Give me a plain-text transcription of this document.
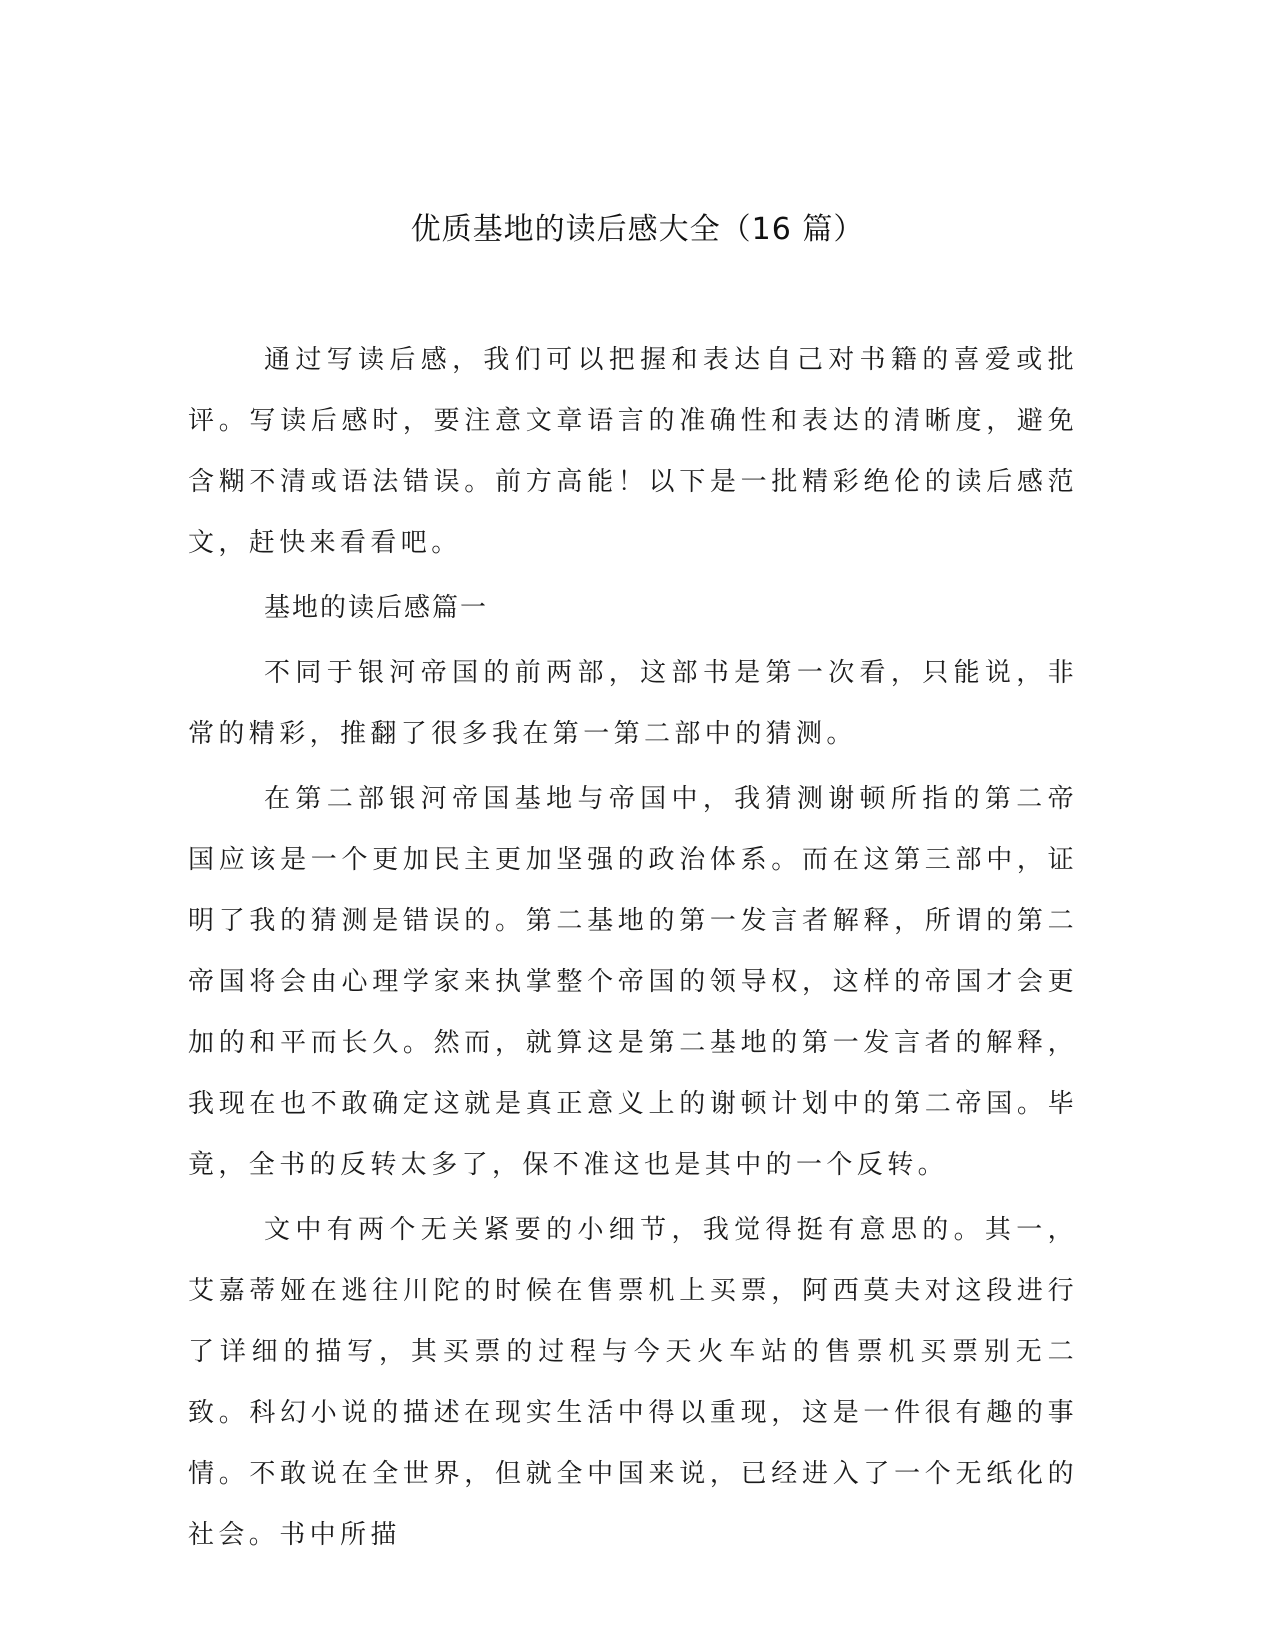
优质基地的读后感大全（16 篇）

通过写读后感，我们可以把握和表达自己对书籍的喜爱或批评。写读后感时，要注意文章语言的准确性和表达的清晰度，避免含糊不清或语法错误。前方高能！以下是一批精彩绝伦的读后感范文，赶快来看看吧。

基地的读后感篇一

不同于银河帝国的前两部，这部书是第一次看，只能说，非常的精彩，推翻了很多我在第一第二部中的猜测。

在第二部银河帝国基地与帝国中，我猜测谢顿所指的第二帝国应该是一个更加民主更加坚强的政治体系。而在这第三部中，证明了我的猜测是错误的。第二基地的第一发言者解释，所谓的第二帝国将会由心理学家来执掌整个帝国的领导权，这样的帝国才会更加的和平而长久。然而，就算这是第二基地的第一发言者的解释，我现在也不敢确定这就是真正意义上的谢顿计划中的第二帝国。毕竟，全书的反转太多了，保不准这也是其中的一个反转。

文中有两个无关紧要的小细节，我觉得挺有意思的。其一，艾嘉蒂娅在逃往川陀的时候在售票机上买票，阿西莫夫对这段进行了详细的描写，其买票的过程与今天火车站的售票机买票别无二致。科幻小说的描述在现实生活中得以重现，这是一件很有趣的事情。不敢说在全世界，但就全中国来说，已经进入了一个无纸化的社会。书中所描
